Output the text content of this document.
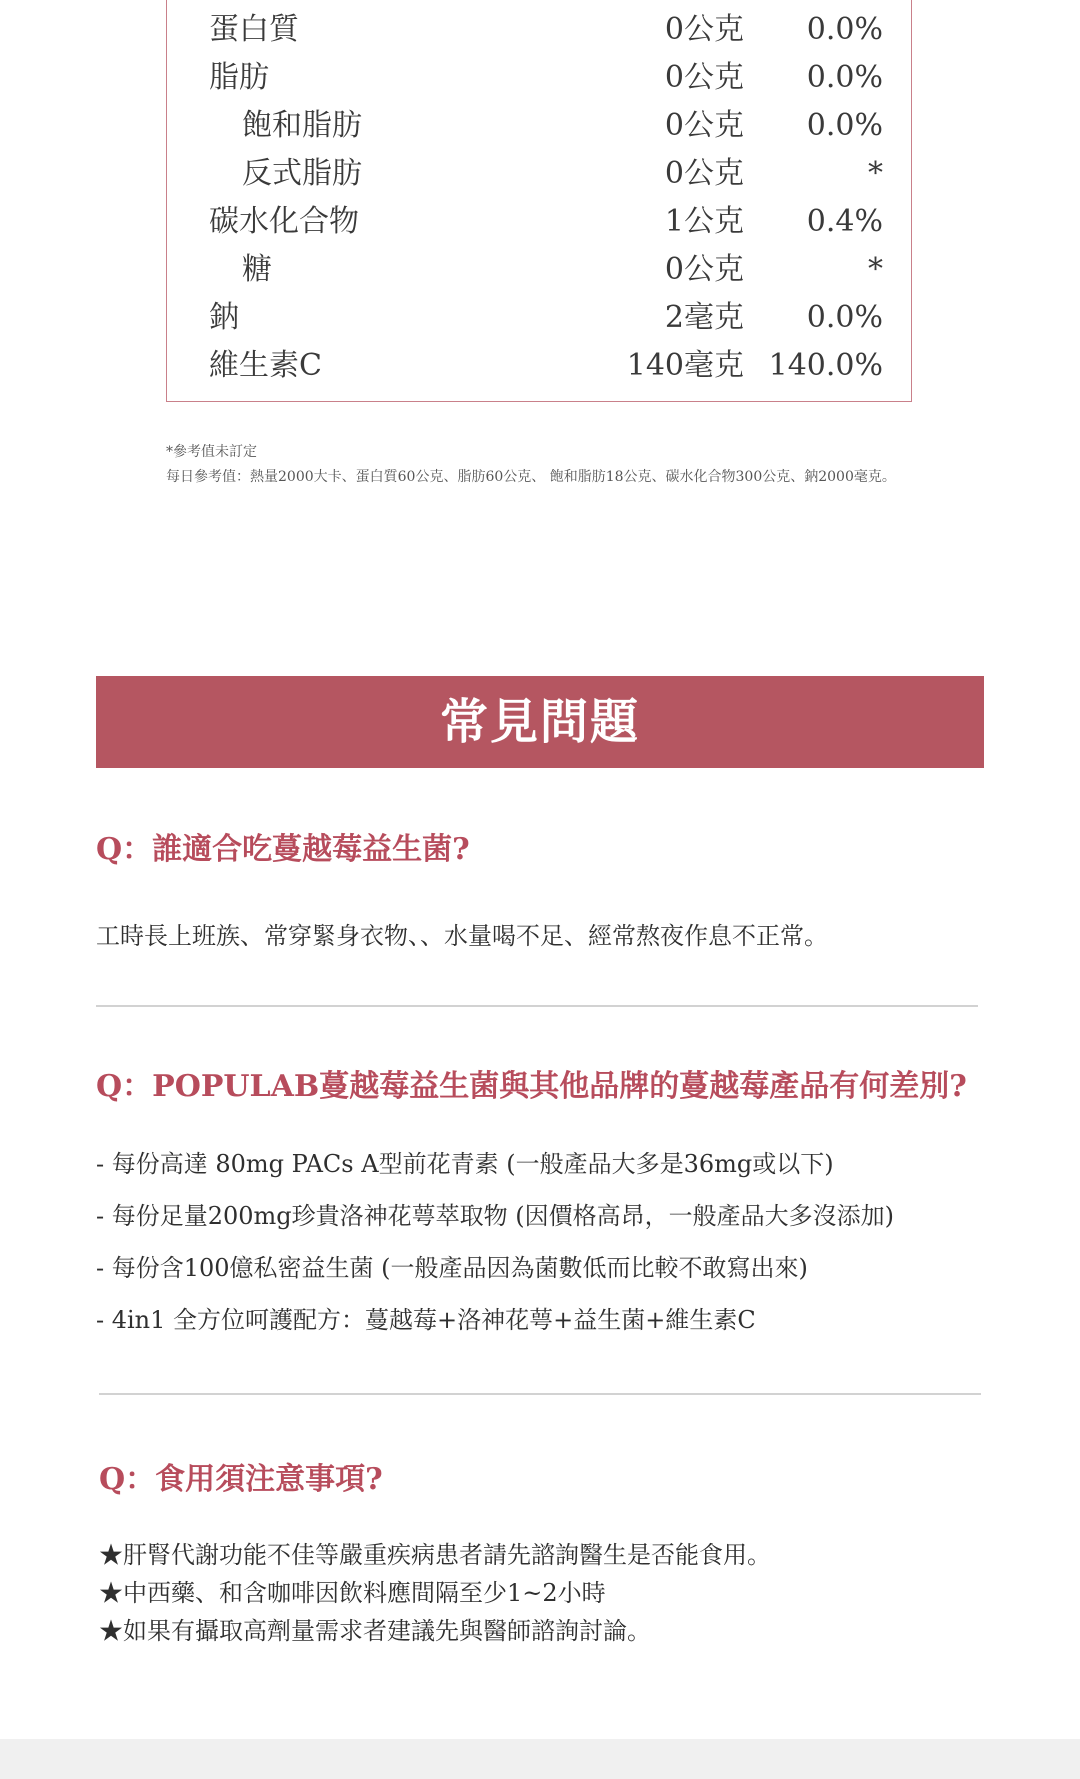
蛋白質	0公克 0.0%
脂肪	0公克 0.0%
飽和脂肪	0公克 0.0%
反式脂肪	0公克	*
碳水化合物	1公克 0.4%
糖	0公克	*
鈉	2毫克 0.0%
維生素C	140毫克 140.0%
*參考值未訂定
每日參考值：熱量2000大卡、蛋白質60公克、脂肪60公克、 飽和脂肪18公克、碳水化合物300公克、鈉2000毫克。
常見問題
Q：誰適合吃蔓越莓益生菌?
工時長上班族、常穿緊身衣物、、水量喝不足、經常熬夜作息不正常。
Q：POPULAB蔓越莓益生菌與其他品牌的蔓越莓產品有何差別?
- 每份高達 80mg PACs A型前花青素 (一般產品大多是36mg或以下)
- 每份足量200mg珍貴洛神花萼萃取物 (因價格高昂，一般產品大多沒添加)
- 每份含100億私密益生菌 (一般產品因為菌數低而比較不敢寫出來)
- 4in1 全方位呵護配方：蔓越莓+洛神花萼+益生菌+維生素C
Q：食用須注意事項?
★肝腎代謝功能不佳等嚴重疾病患者請先諮詢醫生是否能食用。
★中西藥、和含咖啡因飲料應間隔至少1~2小時
★如果有攝取高劑量需求者建議先與醫師諮詢討論。
